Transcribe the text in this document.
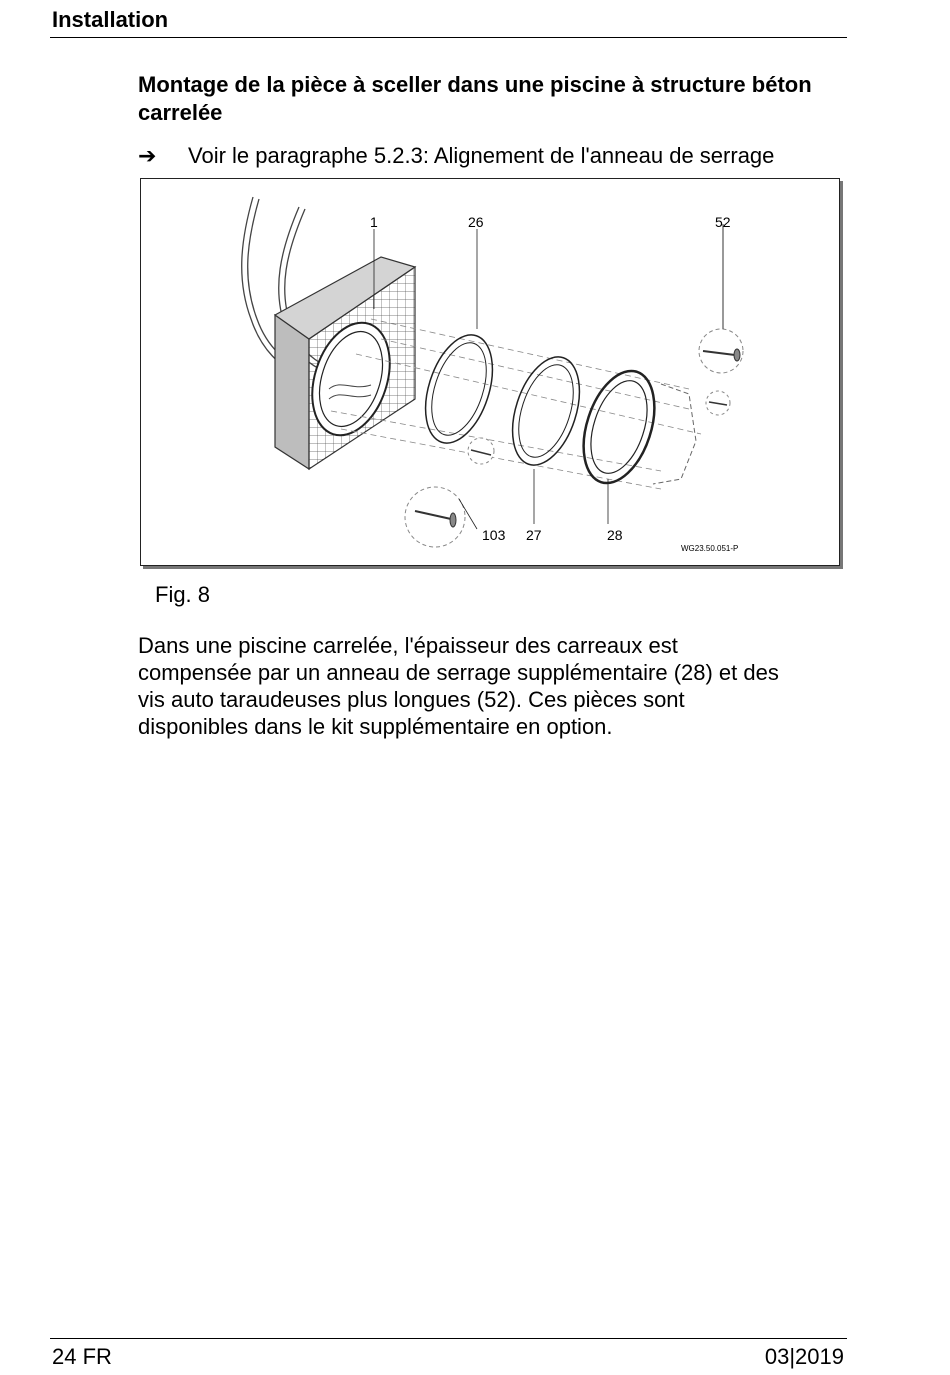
Installation
Montage de la pièce à sceller dans une piscine à structure béton carrelée
➔ Voir le paragraphe 5.2.3: Alignement de l'anneau de serrage
1	26	52
103 27	28
WG23.50.051-P
Fig. 8
Dans une piscine carrelée, l'épaisseur des carreaux est
compensée par un anneau de serrage supplémentaire (28) et des
vis auto taraudeuses plus longues (52). Ces pièces sont
disponibles dans le kit supplémentaire en option.
24 FR	03|2019
